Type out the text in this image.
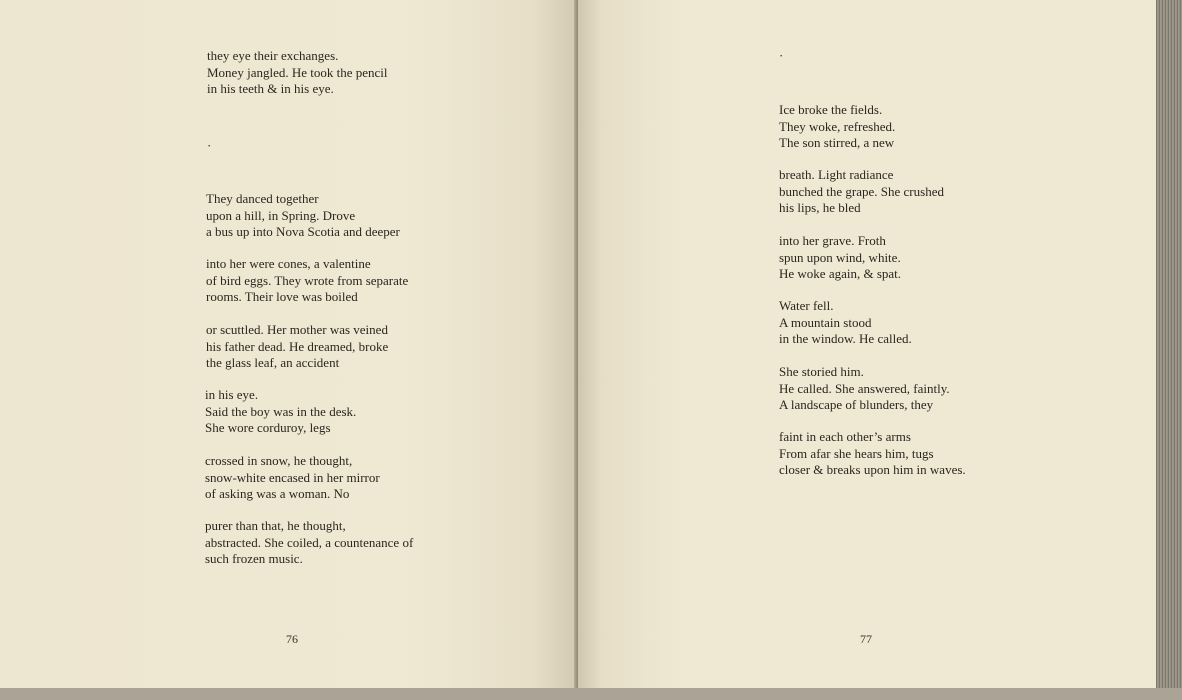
they eye their exchanges.
Money jangled. He took the pencil
in his teeth & in his eye.
·
They danced together
upon a hill, in Spring. Drove
a bus up into Nova Scotia and deeper
into her were cones, a valentine
of bird eggs. They wrote from separate
rooms. Their love was boiled
or scuttled. Her mother was veined
his father dead. He dreamed, broke
the glass leaf, an accident
in his eye.
Said the boy was in the desk.
She wore corduroy, legs
crossed in snow, he thought,
snow-white encased in her mirror
of asking was a woman. No
purer than that, he thought,
abstracted. She coiled, a countenance of
such frozen music.
76
·
Ice broke the fields.
They woke, refreshed.
The son stirred, a new
breath. Light radiance
bunched the grape. She crushed
his lips, he bled
into her grave. Froth
spun upon wind, white.
He woke again, & spat.
Water fell.
A mountain stood
in the window. He called.
She storied him.
He called. She answered, faintly.
A landscape of blunders, they
faint in each other’s arms
From afar she hears him, tugs
closer & breaks upon him in waves.
77
